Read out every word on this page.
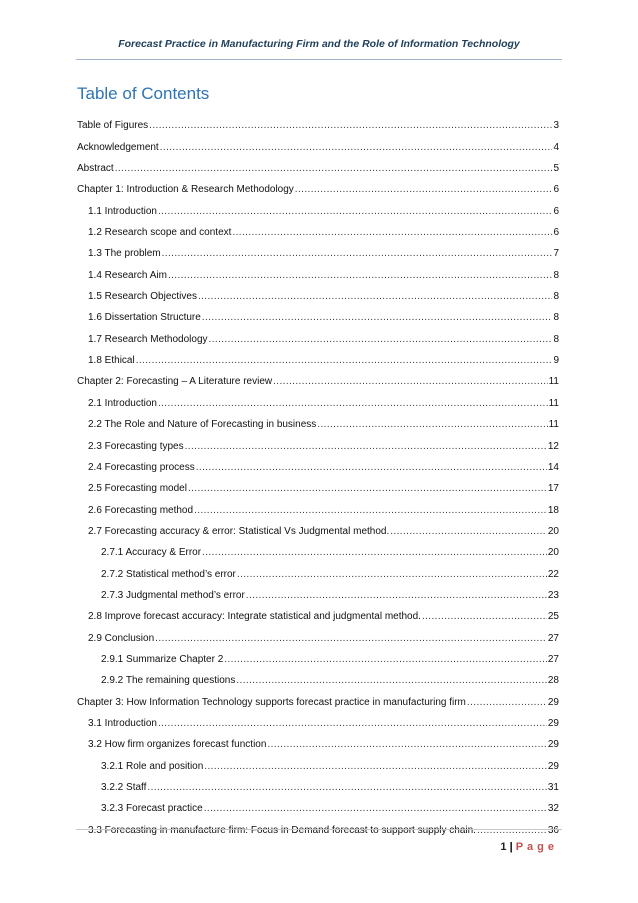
Forecast Practice in Manufacturing Firm and the Role of Information Technology
Table of Contents
Table of Figures .....	3
Acknowledgement .....	4
Abstract .....	5
Chapter 1: Introduction & Research Methodology .....	6
1.1 Introduction .....	6
1.2 Research scope and context .....	6
1.3 The problem .....	7
1.4 Research Aim .....	8
1.5 Research Objectives .....	8
1.6 Dissertation Structure .....	8
1.7 Research Methodology .....	8
1.8 Ethical .....	9
Chapter 2: Forecasting – A Literature review .....	11
2.1 Introduction .....	11
2.2 The Role and Nature of Forecasting in business .....	11
2.3 Forecasting types .....	12
2.4 Forecasting process .....	14
2.5 Forecasting model .....	17
2.6 Forecasting method .....	18
2.7 Forecasting accuracy & error: Statistical Vs Judgmental method. .....	20
2.7.1 Accuracy & Error .....	20
2.7.2 Statistical method’s error .....	22
2.7.3 Judgmental method’s error .....	23
2.8 Improve forecast accuracy: Integrate statistical and judgmental method. .....	25
2.9 Conclusion .....	27
2.9.1 Summarize Chapter 2 .....	27
2.9.2 The remaining questions .....	28
Chapter 3: How Information Technology supports forecast practice in manufacturing firm .....	29
3.1 Introduction .....	29
3.2 How firm organizes forecast function .....	29
3.2.1 Role and position .....	29
3.2.2 Staff .....	31
3.2.3 Forecast practice .....	32
3.3 Forecasting in manufacture firm: Focus in Demand forecast to support supply chain. .....	36
1 | Page
